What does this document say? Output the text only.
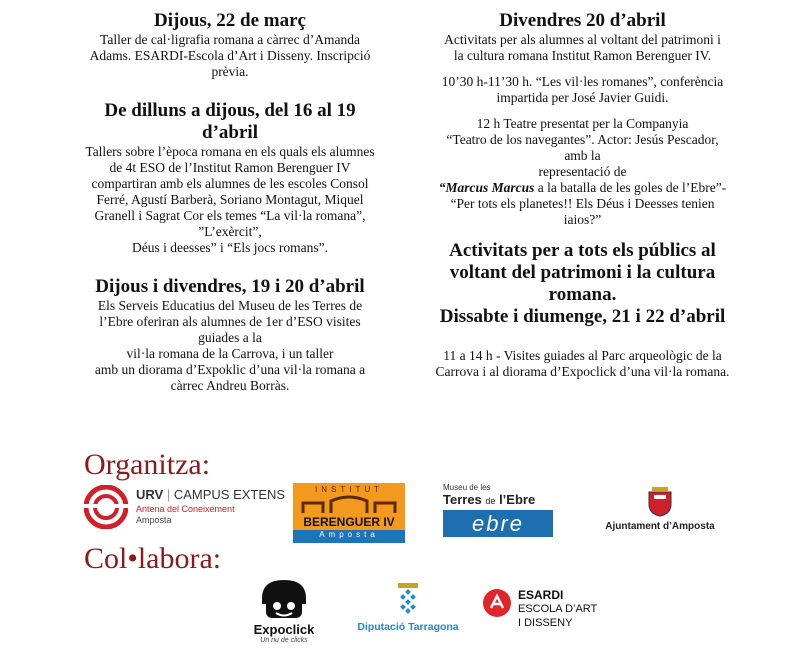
Dijous, 22 de març

Taller de cal·ligrafia romana a càrrec d’Amanda
Adams. ESARDI-Escola d’Art i Disseny. Inscripció
prèvia.

De dilluns a dijous, del 16 al 19
d’abril

Tallers sobre l’època romana en els quals els alumnes
de 4t ESO de l’Institut Ramon Berenguer IV
compartiran amb els alumnes de les escoles Consol
Ferré, Agustí Barberà, Soriano Montagut, Miquel
Granell i Sagrat Cor els temes “La vil·la romana”,
”L’exèrcit”,
Déus i deesses” i “Els jocs romans”.

Dijous i divendres, 19 i 20 d’abril

Els Serveis Educatius del Museu de les Terres de
l’Ebre oferiran als alumnes de 1er d’ESO visites
guiades a la
vil·la romana de la Carrova, i un taller
amb un diorama d’Expoklic d’una vil·la romana a
càrrec Andreu Borràs.

Divendres 20 d’abril

Activitats per als alumnes al voltant del patrimoni i
la cultura romana Institut Ramon Berenguer IV.

10’30 h-11’30 h. “Les vil·les romanes”, conferència
impartida per José Javier Guidi.

12 h Teatre presentat per la Companyia
“Teatro de los navegantes”. Actor: Jesús Pescador,
amb la
representació de

“Marcus Marcus a la batalla de les goles de l’Ebre”-
“Per tots els planetes!! Els Déus i Deesses tenien
iaios?”

Activitats per a tots els públics al
voltant del patrimoni i la cultura
romana.
Dissabte i diumenge, 21 i 22 d’abril

11 a 14 h - Visites guiades al Parc arqueològic de la
Carrova i al diorama d’Expoclick d’una vil·la romana.

Organitza:

URV | CAMPUS EXTENS
Antena del Coneixement
Amposta
INSTITUT
BERENGUER IV
Amposta
Museu de les
Terres de l’Ebre
ebre	Ajuntament d’Amposta

Col•labora:

Expoclick
Un riu de clicks
Diputació Tarragona
ESARDI
ESCOLA D’ART
I DISSENY
